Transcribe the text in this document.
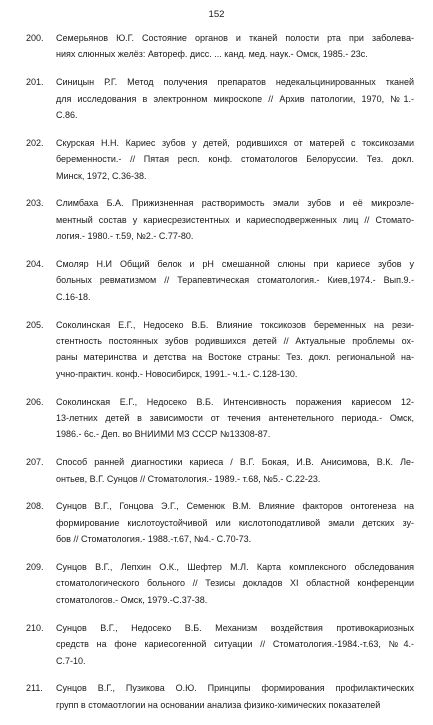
152
200.	Семерьянов Ю.Г. Состояние органов и тканей полости рта при заболева-
ниях слюнных желёз: Автореф. дисс. ... канд. мед. наук.- Омск, 1985.- 23с.
201.	Синицын Р.Г. Метод получения препаратов недекальцинированных тканей
для исследования в электронном микроскопе // Архив патологии, 1970, №1.-
С.86.
202.	Скурская Н.Н. Кариес зубов у детей, родившихся от матерей с токсикозами
беременности.- // Пятая респ. конф. стоматологов Белоруссии. Тез. докл.
Минск, 1972, С.36-38.
203.	Слимбаха Б.А. Прижизненная растворимость эмали зубов и её микроэле-
ментный состав у кариесрезистентных и кариесподверженных лиц // Стомато-
логия.- 1980.- т.59, №2.- С.77-80.
204.	Смоляр Н.И Общий белок и pH смешанной слюны при кариесе зубов у
больных ревматизмом // Терапевтическая стоматология.- Киев,1974.- Вып.9.-
С.16-18.
205.	Соколинская Е.Г., Недосеко В.Б. Влияние токсикозов беременных на рези-
стентность постоянных зубов родившихся детей // Актуальные проблемы ох-
раны материнства и детства на Востоке страны: Тез. докл. региональной на-
учно-практич. конф.- Новосибирск, 1991.- ч.1.- С.128-130.
206.	Соколинская Е.Г., Недосеко В.Б. Интенсивность поражения кариесом 12-
13-летних детей в зависимости от течения антенетельного периода.- Омск,
1986.- 6с.- Деп. во ВНИИМИ МЗ СССР №13308-87.
207.	Способ ранней диагностики кариеса / В.Г. Бокая, И.В. Анисимова, В.К. Ле-
онтьев, В.Г. Сунцов // Стоматология.- 1989.- т.68, №5.- С.22-23.
208.	Сунцов В.Г., Гонцова Э.Г., Семенюк В.М. Влияние факторов онтогенеза на
формирование кислотоустойчивой или кислотоподатливой эмали детских зу-
бов // Стоматология.- 1988.-т.67, №4.- С.70-73.
209.	Сунцов В.Г., Лепхин О.К., Шефтер М.Л. Карта комплексного обследования
стоматологического больного // Тезисы докладов XI областной конференции
стоматологов.- Омск, 1979.-С.37-38.
210.	Сунцов В.Г., Недосеко В.Б. Механизм воздействия противокариозных
средств на фоне кариесогенной ситуации // Стоматология.-1984.-т.63, №4.-
С.7-10.
211.	Сунцов В.Г., Пузикова О.Ю. Принципы формирования профилактических
групп в стомаотлогии на основании анализа физико-химических показателей
